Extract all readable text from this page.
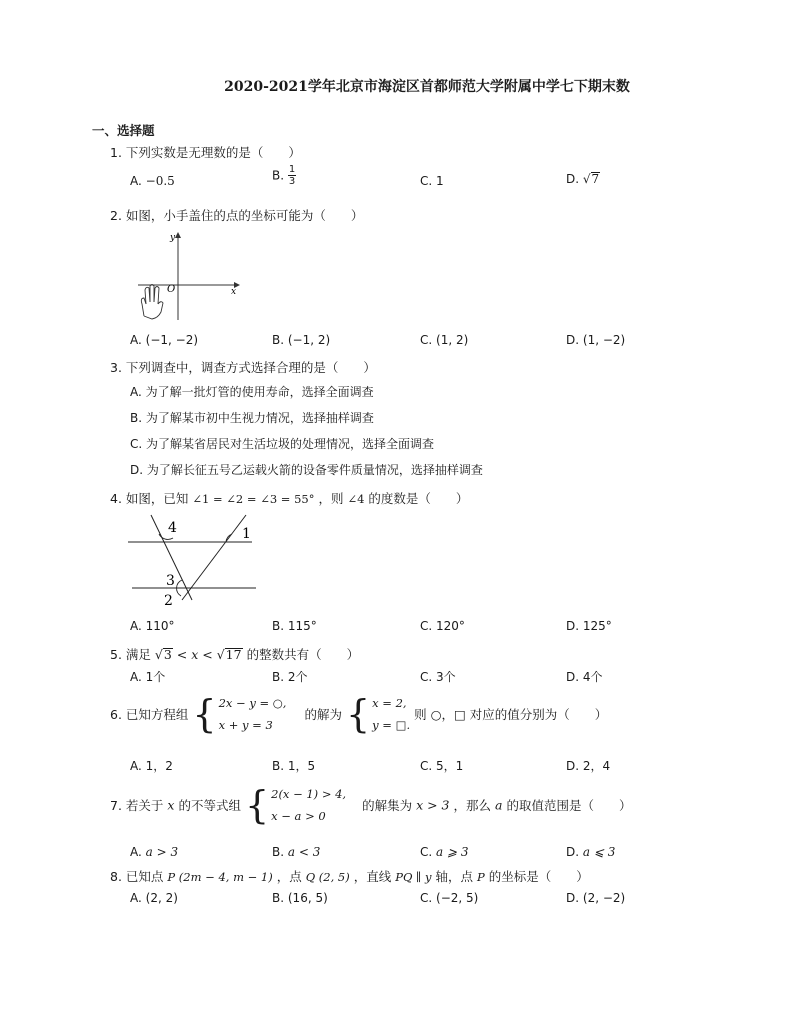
2020-2021学年北京市海淀区首都师范大学附属中学七下期末数
一、选择题
1. 下列实数是无理数的是（　　）
A. −0.5	B. $\frac{1}{3}$	C. 1	D. √7
2. 如图，小手盖住的点的坐标可能为（　　）
y
x
O
A. (−1, −2)	B. (−1, 2)	C. (1, 2)	D. (1, −2)
3. 下列调查中，调查方式选择合理的是（　　）
A. 为了解一批灯管的使用寿命，选择全面调查
B. 为了解某市初中生视力情况，选择抽样调查
C. 为了解某省居民对生活垃圾的处理情况，选择全面调查
D. 为了解长征五号乙运载火箭的设备零件质量情况，选择抽样调查
4. 如图，已知 ∠1 = ∠2 = ∠3 = 55° ，则 ∠4 的度数是（　　）
4	1
3
2
A. 110°	B. 115°	C. 120°	D. 125°
5. 满足 √3 < x < √17 的整数共有（　　）
A. 1个	B. 2个	C. 3个	D. 4个
6. 已知方程组 { 2x − y = ○,
x + y = 3
的解为 { x = 2,
y = □.
则 ○，□ 对应的值分别为（　　）
A. 1，2	B. 1，5	C. 5，1	D. 2，4
7. 若关于 x 的不等式组 { 2(x − 1) > 4,
x − a > 0
的解集为 x > 3 ，那么 a 的取值范围是（　　）
A. a > 3	B. a < 3	C. a ⩾ 3	D. a ⩽ 3
8. 已知点 P (2m − 4, m − 1) ，点 Q (2, 5) ，直线 PQ ∥ y 轴，点 P 的坐标是（　　）
A. (2, 2)	B. (16, 5)	C. (−2, 5)	D. (2, −2)
